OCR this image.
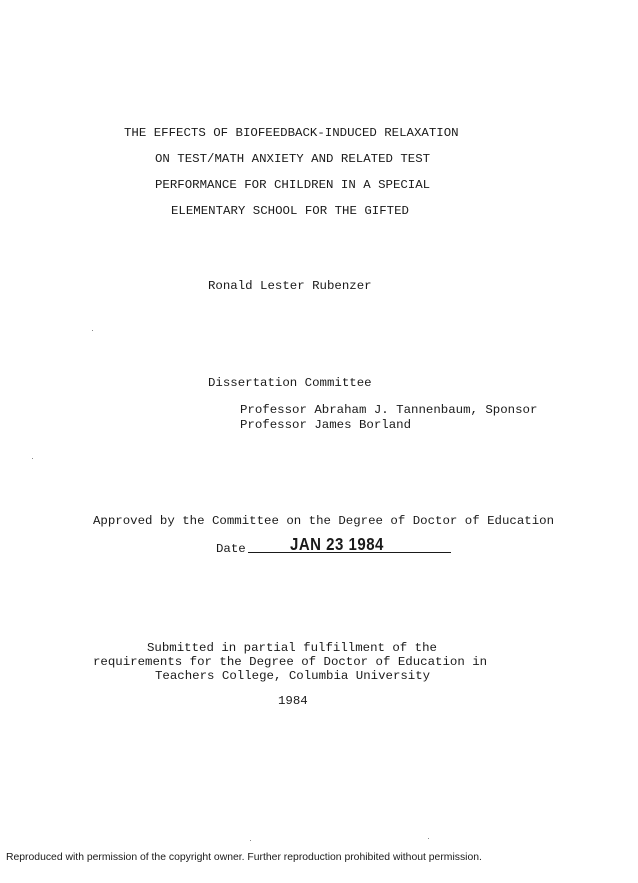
THE EFFECTS OF BIOFEEDBACK-INDUCED RELAXATION
ON TEST/MATH ANXIETY AND RELATED TEST
PERFORMANCE FOR CHILDREN IN A SPECIAL
ELEMENTARY SCHOOL FOR THE GIFTED
Ronald Lester Rubenzer
Dissertation Committee
Professor Abraham J. Tannenbaum, Sponsor
Professor James Borland
Approved by the Committee on the Degree of Doctor of Education
Date	JAN 23 1984
Submitted in partial fulfillment of the
requirements for the Degree of Doctor of Education in
Teachers College, Columbia University
1984
Reproduced with permission of the copyright owner. Further reproduction prohibited without permission.
